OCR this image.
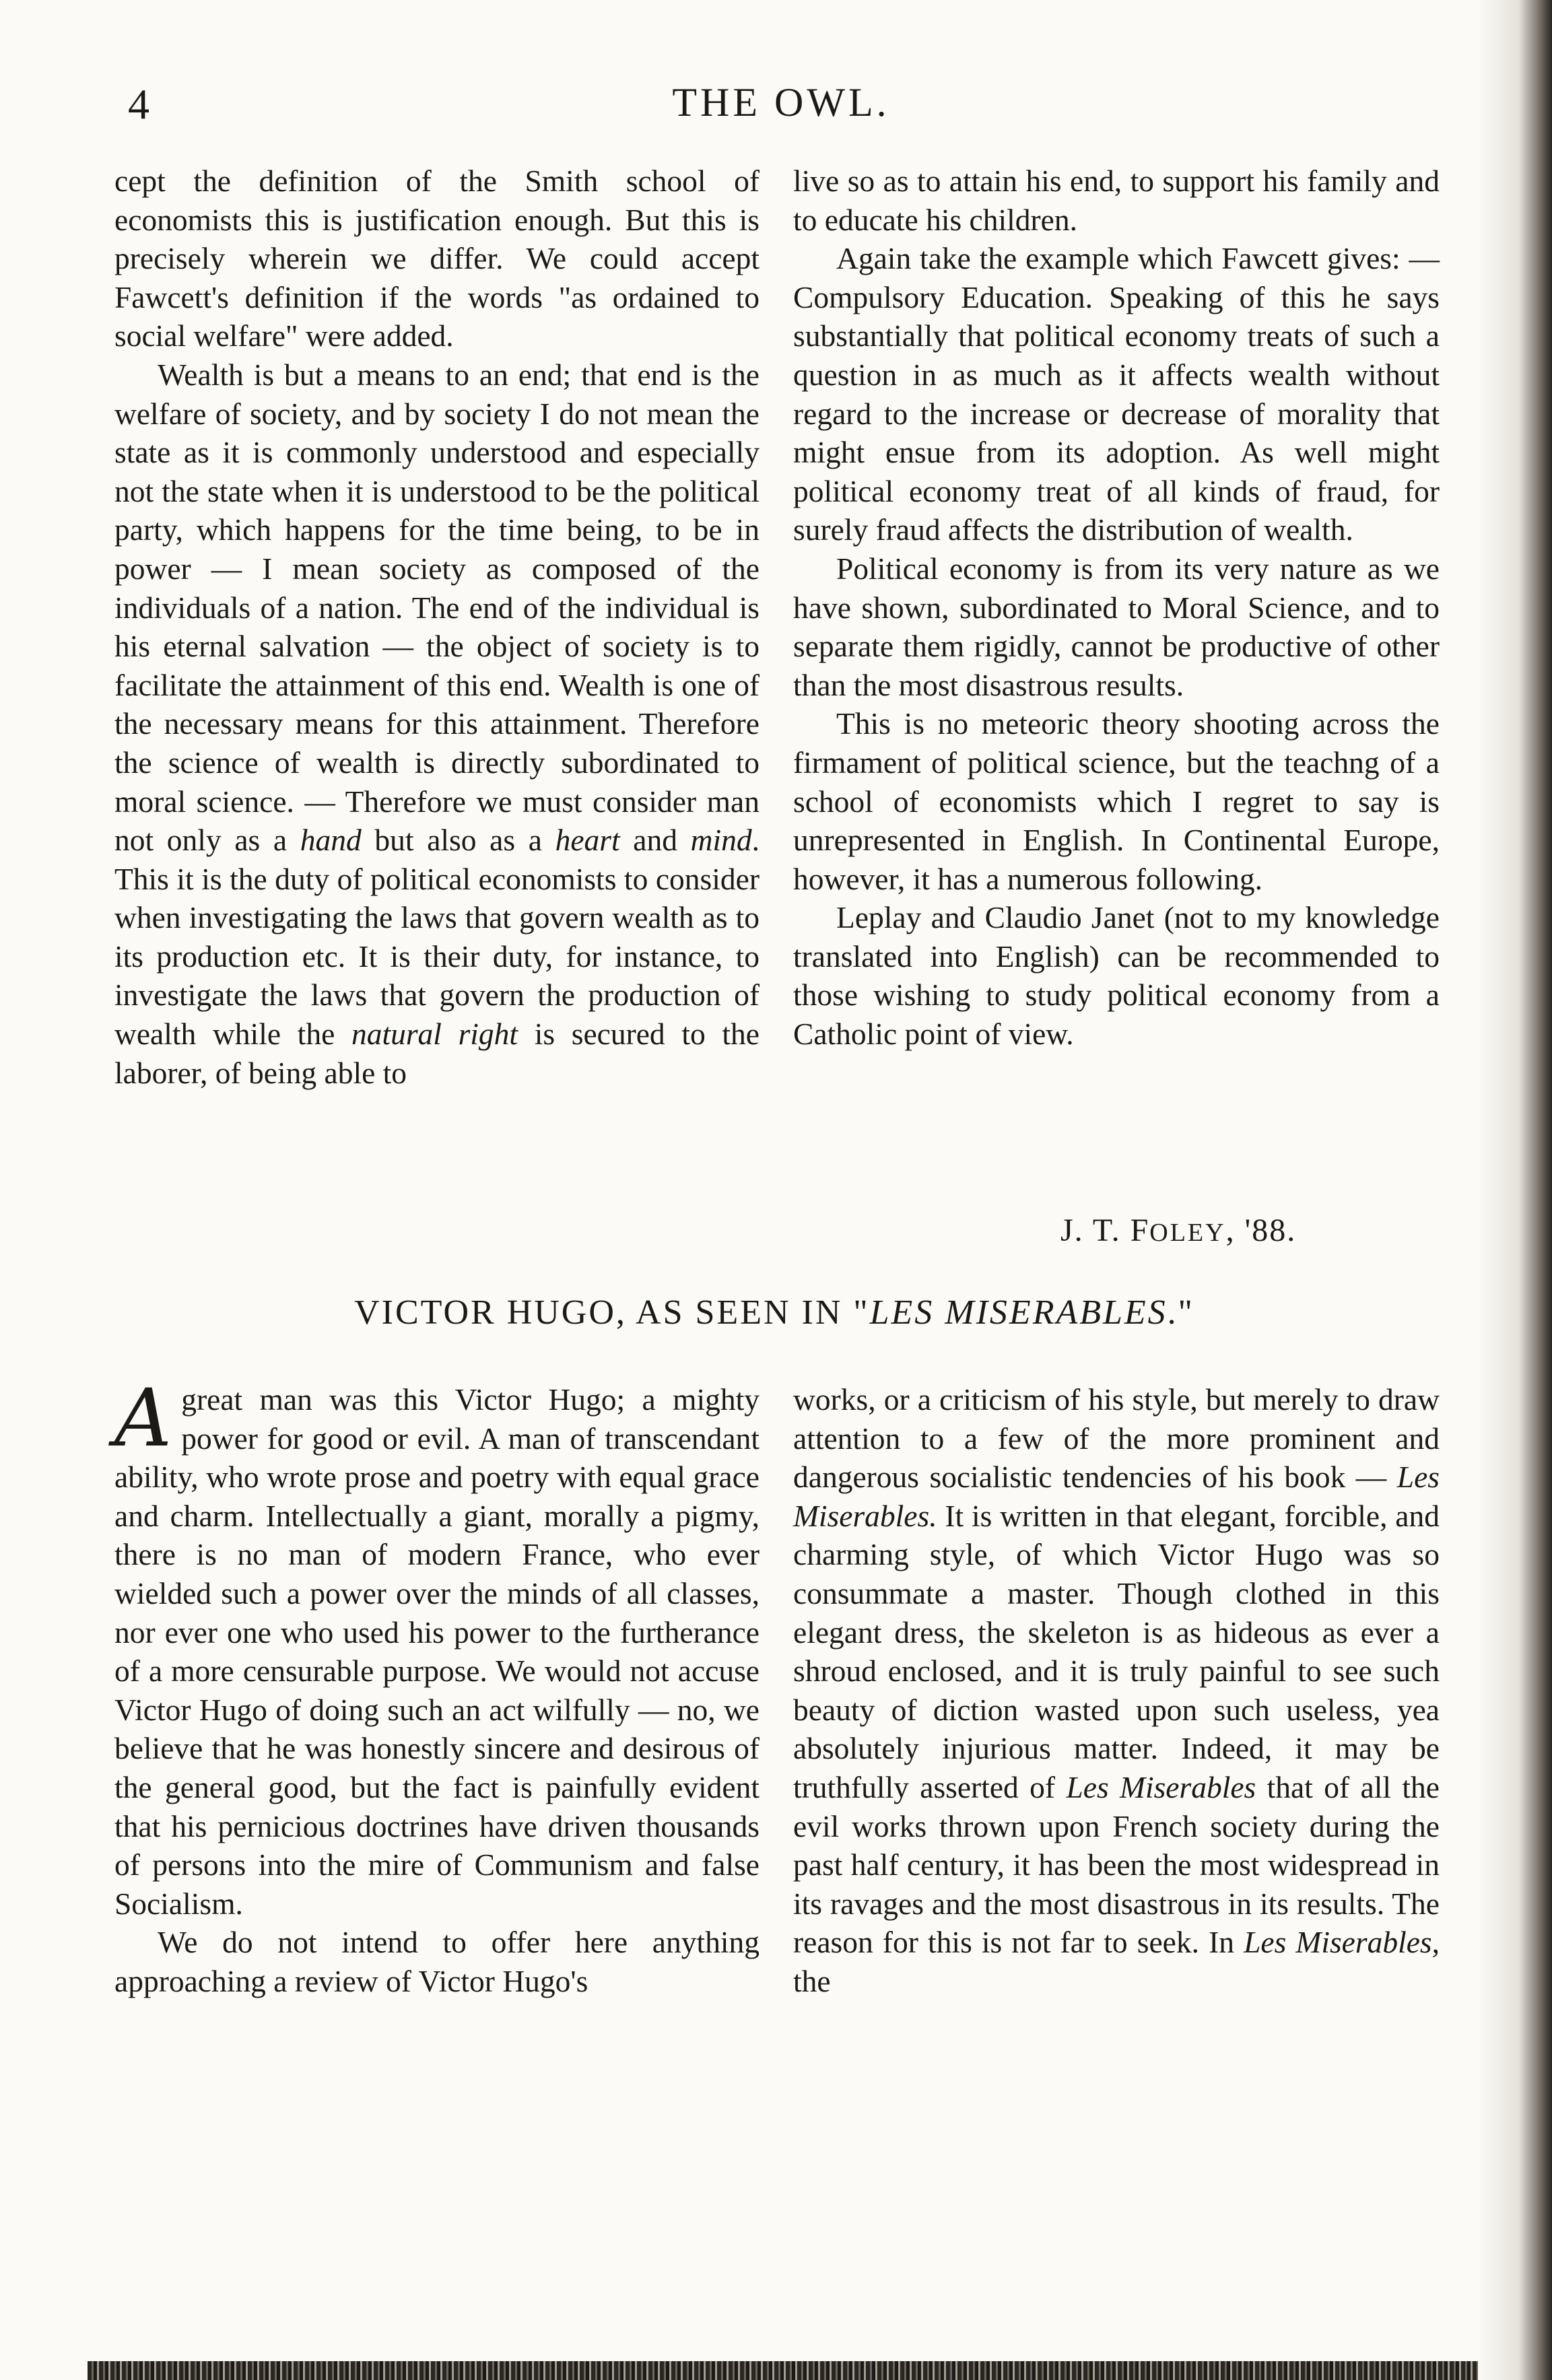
4	THE OWL.

cept the definition of the Smith school of economists this is justification enough. But this is precisely wherein we differ. We could accept Fawcett's definition if the words "as ordained to social welfare" were added.

Wealth is but a means to an end; that end is the welfare of society, and by society I do not mean the state as it is commonly understood and especially not the state when it is understood to be the political party, which happens for the time being, to be in power — I mean society as composed of the individuals of a nation. The end of the individual is his eternal salvation — the object of society is to facilitate the attainment of this end. Wealth is one of the necessary means for this attainment. Therefore the science of wealth is directly subordinated to moral science. — Therefore we must consider man not only as a hand but also as a heart and mind. This it is the duty of political economists to consider when investigating the laws that govern wealth as to its production etc. It is their duty, for instance, to investigate the laws that govern the production of wealth while the natural right is secured to the laborer, of being able to

live so as to attain his end, to support his family and to educate his children.

Again take the example which Fawcett gives: — Compulsory Education. Speaking of this he says substantially that political economy treats of such a question in as much as it affects wealth without regard to the increase or decrease of morality that might ensue from its adoption. As well might political economy treat of all kinds of fraud, for surely fraud affects the distribution of wealth.

Political economy is from its very nature as we have shown, subordinated to Moral Science, and to separate them rigidly, cannot be productive of other than the most disastrous results.

This is no meteoric theory shooting across the firmament of political science, but the teachng of a school of economists which I regret to say is unrepresented in English. In Continental Europe, however, it has a numerous following.

Leplay and Claudio Janet (not to my knowledge translated into English) can be recommended to those wishing to study political economy from a Catholic point of view.

J. T. FOLEY, '88.
VICTOR HUGO, AS SEEN IN "LES MISERABLES."

A great man was this Victor Hugo; a mighty power for good or evil. A man of transcendant ability, who wrote prose and poetry with equal grace and charm. Intellectually a giant, morally a pigmy, there is no man of modern France, who ever wielded such a power over the minds of all classes, nor ever one who used his power to the furtherance of a more censurable purpose. We would not accuse Victor Hugo of doing such an act wilfully — no, we believe that he was honestly sincere and desirous of the general good, but the fact is painfully evident that his pernicious doctrines have driven thousands of persons into the mire of Communism and false Socialism.

We do not intend to offer here anything approaching a review of Victor Hugo's

works, or a criticism of his style, but merely to draw attention to a few of the more prominent and dangerous socialistic tendencies of his book — Les Miserables. It is written in that elegant, forcible, and charming style, of which Victor Hugo was so consummate a master. Though clothed in this elegant dress, the skeleton is as hideous as ever a shroud enclosed, and it is truly painful to see such beauty of diction wasted upon such useless, yea absolutely injurious matter. Indeed, it may be truthfully asserted of Les Miserables that of all the evil works thrown upon French society during the past half century, it has been the most widespread in its ravages and the most disastrous in its results. The reason for this is not far to seek. In Les Miserables, the
